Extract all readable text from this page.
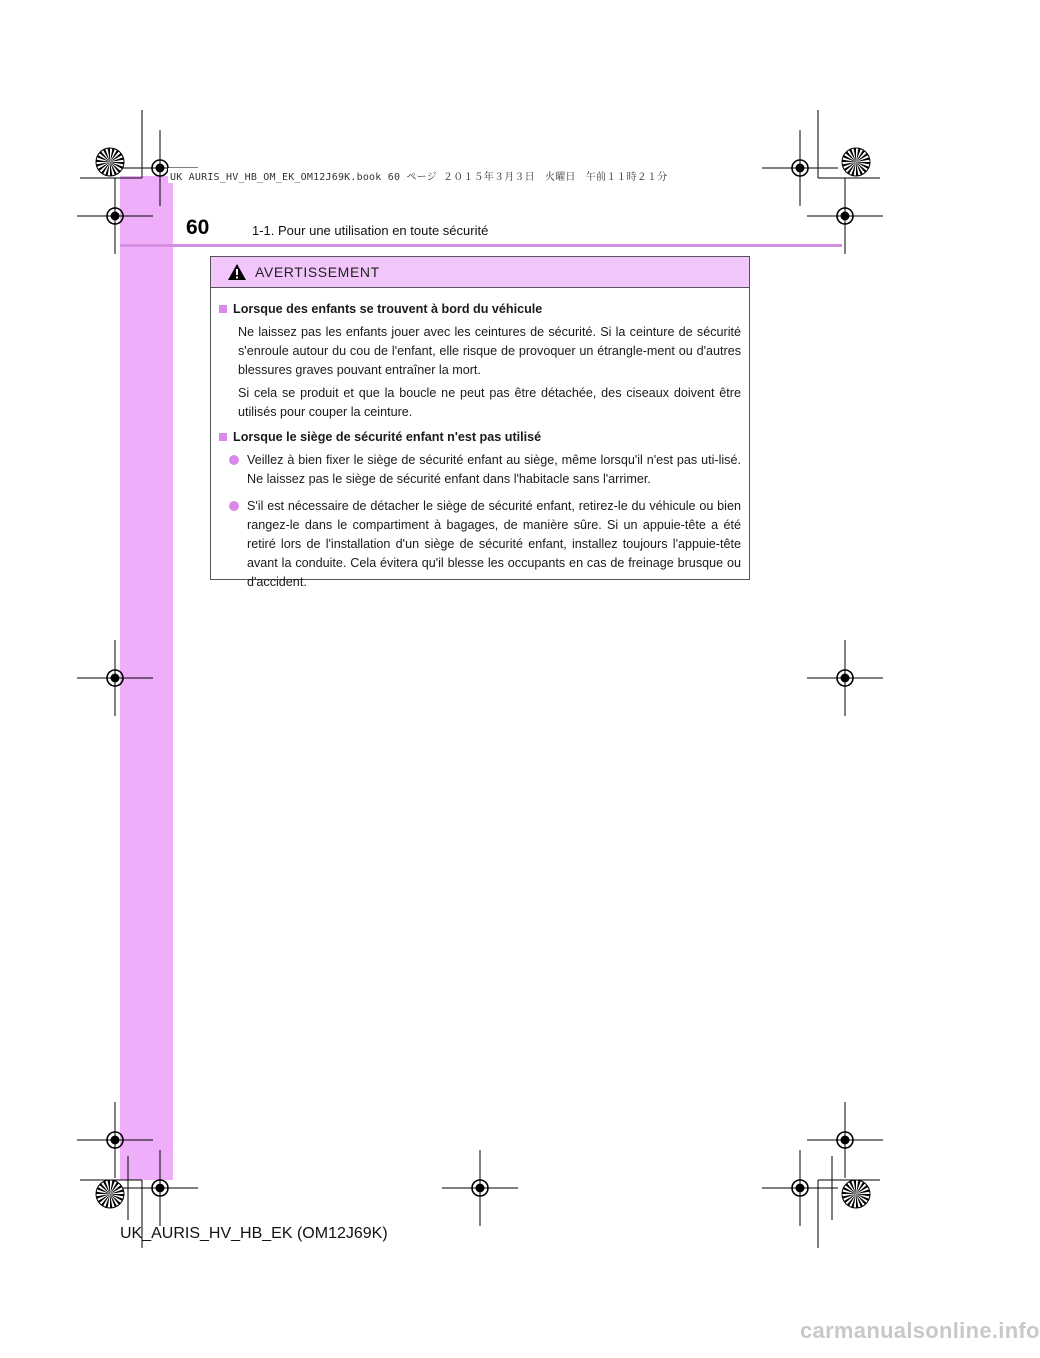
UK AURIS_HV_HB_OM_EK_OM12J69K.book 60 ページ ２０１５年３月３日　火曜日　午前１１時２１分
60	1-1. Pour une utilisation en toute sécurité
AVERTISSEMENT
Lorsque des enfants se trouvent à bord du véhicule
Ne laissez pas les enfants jouer avec les ceintures de sécurité. Si la ceinture de sécurité s'enroule autour du cou de l'enfant, elle risque de provoquer un étrangle-ment ou d'autres blessures graves pouvant entraîner la mort.
Si cela se produit et que la boucle ne peut pas être détachée, des ciseaux doivent être utilisés pour couper la ceinture.
Lorsque le siège de sécurité enfant n'est pas utilisé
Veillez à bien fixer le siège de sécurité enfant au siège, même lorsqu'il n'est pas uti-lisé. Ne laissez pas le siège de sécurité enfant dans l'habitacle sans l'arrimer.
S'il est nécessaire de détacher le siège de sécurité enfant, retirez-le du véhicule ou bien rangez-le dans le compartiment à bagages, de manière sûre. Si un appuie-tête a été retiré lors de l'installation d'un siège de sécurité enfant, installez toujours l'appuie-tête avant la conduite. Cela évitera qu'il blesse les occupants en cas de freinage brusque ou d'accident.
UK_AURIS_HV_HB_EK (OM12J69K)
carmanualsonline.info
